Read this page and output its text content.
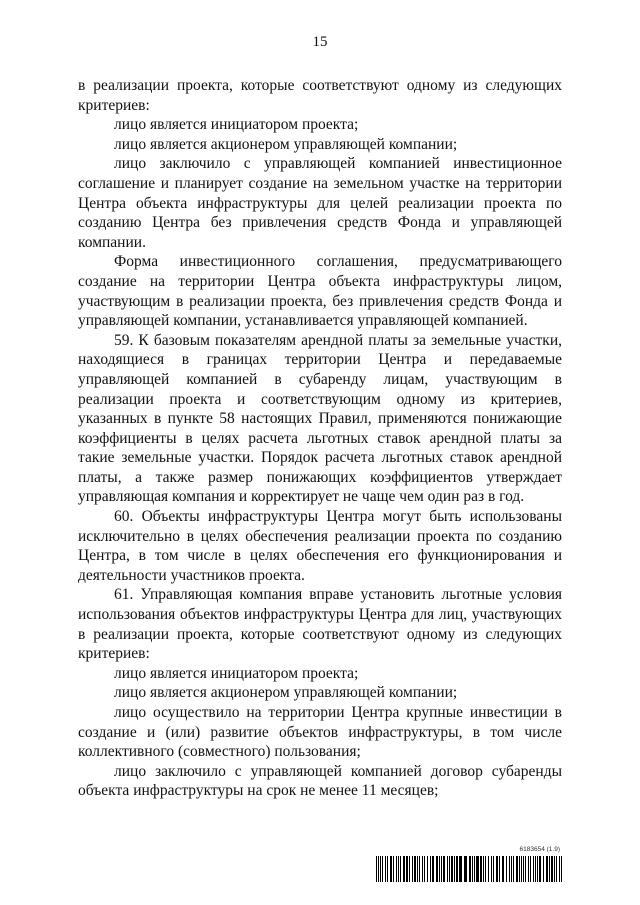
15

в реализации проекта, которые соответствуют одному из следующих критериев:

лицо является инициатором проекта;

лицо является акционером управляющей компании;

лицо заключило с управляющей компанией инвестиционное соглашение и планирует создание на земельном участке на территории Центра объекта инфраструктуры для целей реализации проекта по созданию Центра без привлечения средств Фонда и управляющей компании.

Форма инвестиционного соглашения, предусматривающего создание на территории Центра объекта инфраструктуры лицом, участвующим в реализации проекта, без привлечения средств Фонда и управляющей компании, устанавливается управляющей компанией.

59. К базовым показателям арендной платы за земельные участки, находящиеся в границах территории Центра и передаваемые управляющей компанией в субаренду лицам, участвующим в реализации проекта и соответствующим одному из критериев, указанных в пункте 58 настоящих Правил, применяются понижающие коэффициенты в целях расчета льготных ставок арендной платы за такие земельные участки. Порядок расчета льготных ставок арендной платы, а также размер понижающих коэффициентов утверждает управляющая компания и корректирует не чаще чем один раз в год.

60. Объекты инфраструктуры Центра могут быть использованы исключительно в целях обеспечения реализации проекта по созданию Центра, в том числе в целях обеспечения его функционирования и деятельности участников проекта.

61. Управляющая компания вправе установить льготные условия использования объектов инфраструктуры Центра для лиц, участвующих в реализации проекта, которые соответствуют одному из следующих критериев:

лицо является инициатором проекта;

лицо является акционером управляющей компании;

лицо осуществило на территории Центра крупные инвестиции в создание и (или) развитие объектов инфраструктуры, в том числе коллективного (совместного) пользования;

лицо заключило с управляющей компанией договор субаренды объекта инфраструктуры на срок не менее 11 месяцев;

6183654 (1.9)
